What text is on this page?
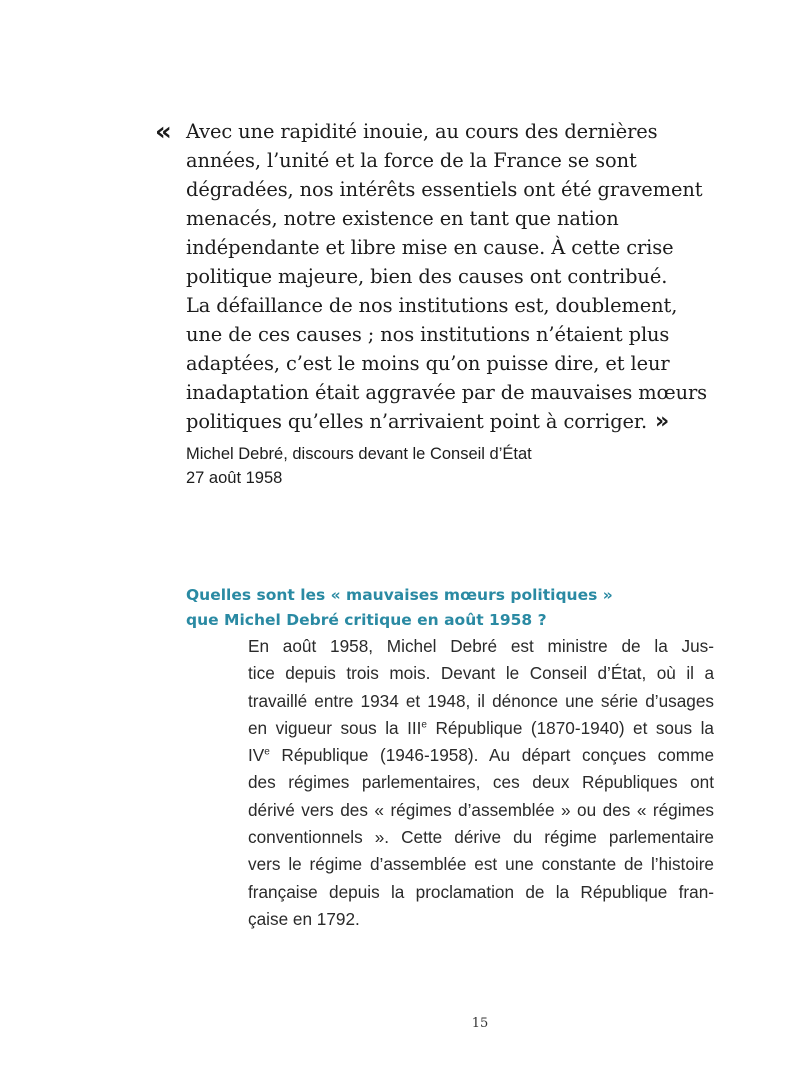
« Avec une rapidité inouie, au cours des dernières
années, l’unité et la force de la France se sont
dégradées, nos intérêts essentiels ont été gravement
menacés, notre existence en tant que nation
indépendante et libre mise en cause. À cette crise
politique majeure, bien des causes ont contribué.
La défaillance de nos institutions est, doublement,
une de ces causes ; nos institutions n’étaient plus
adaptées, c’est le moins qu’on puisse dire, et leur
inadaptation était aggravée par de mauvaises mœurs
politiques qu’elles n’arrivaient point à corriger. »
Michel Debré, discours devant le Conseil d’État
27 août 1958
Quelles sont les « mauvaises mœurs politiques »
que Michel Debré critique en août 1958 ?
En août 1958, Michel Debré est ministre de la Jus-
tice depuis trois mois. Devant le Conseil d’État, où il a
travaillé entre 1934 et 1948, il dénonce une série d’usages
en vigueur sous la IIIe République (1870-1940) et sous la
IVe République (1946-1958). Au départ conçues comme
des régimes parlementaires, ces deux Républiques ont
dérivé vers des « régimes d’assemblée » ou des « régimes
conventionnels ». Cette dérive du régime parlementaire
vers le régime d’assemblée est une constante de l’histoire
française depuis la proclamation de la République fran-
çaise en 1792.
15
